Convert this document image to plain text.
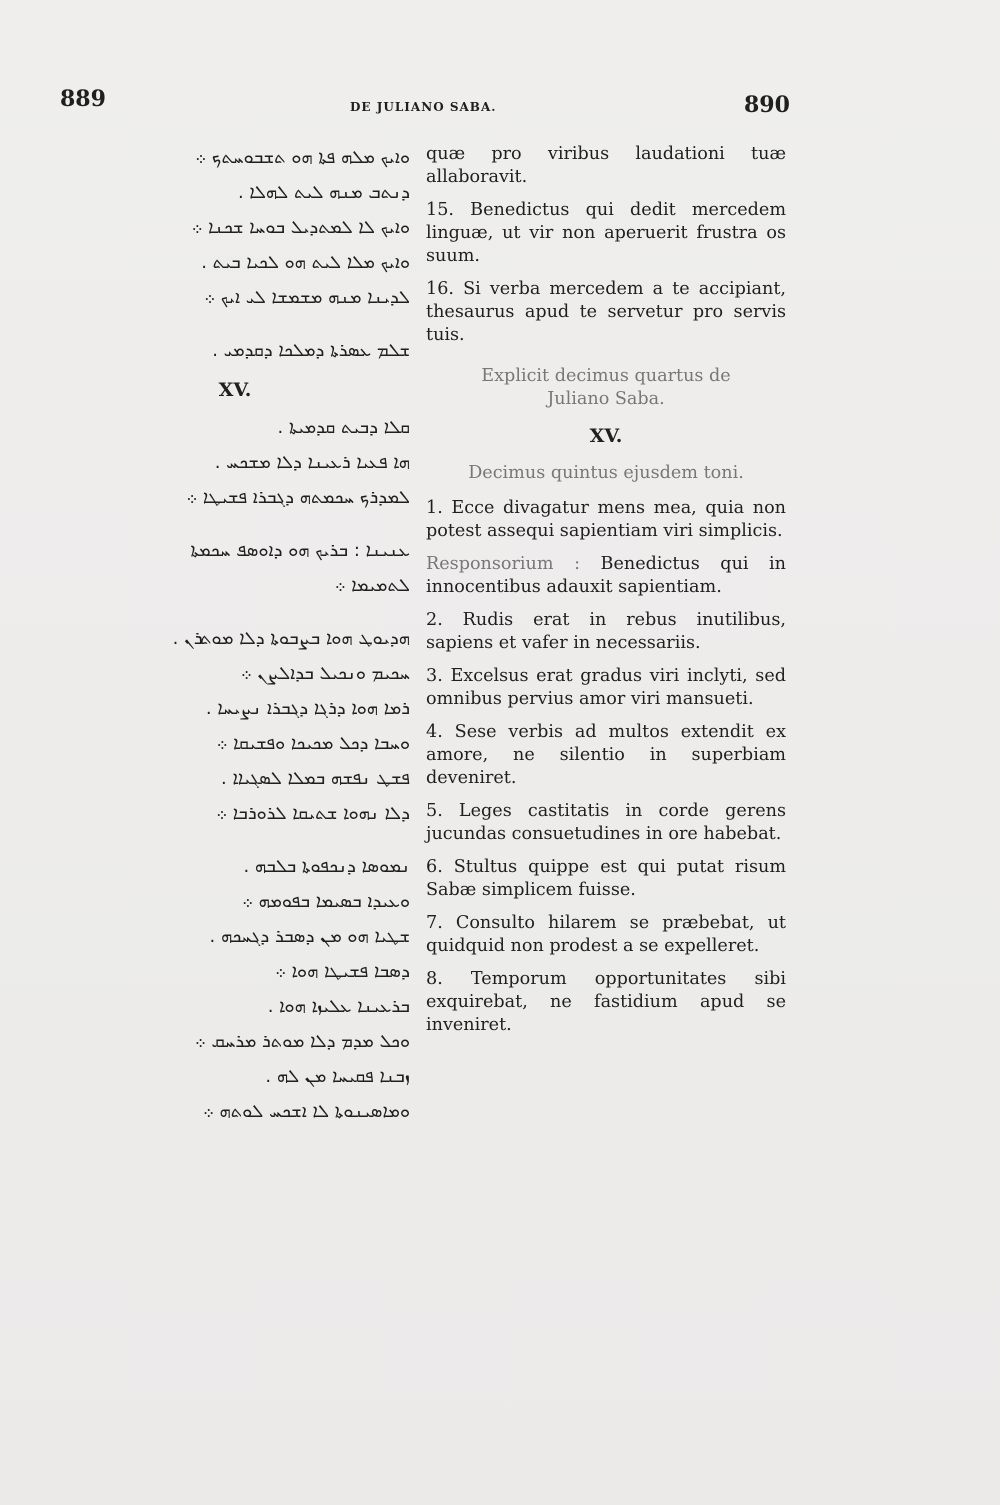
889	DE JULIANO SABA.	890
ܘܐܝܟ ܡܠܗ ܦܬܐ ܗܘ ܬܫܒܘܚܬܟ ܀
ܕܢܬܒ ܡܢܗ ܠܝܬ ܠܗܠܐ .
ܘܐܝܟ ܠܐ ܠܡܬܕܝܠ ܒܘܚܐ ܫܟܢܐ ܀
ܘܐܝܟ ܡܠܐ ܠܝܬ ܗܘ ܠܟܝܐ ܒܝܬ .
ܠܕܝܢܐ ܡܢܗ ܡܫܡܫܐ ܠܝ ܐܝܟ ܀
ܫܠܡ ܥܣܪܬܐ ܕܡܠܟܐ ܕܩܕܡܝ .
XV.
ܩܠܐ ܕܒܝܬ ܩܕܡܝܬܐ .
ܗܐ ܦܥܝܐ ܪܥܝܢܐ ܕܠܐ ܡܫܟܚ .
ܠܡܕܪܟ ܚܟܡܬܗ ܕܓܒܪܐ ܦܫܝܛܐ ܀
ܥܢܝܢܐ : ܒܪܝܟ ܗܘ ܕܐܘܤܦ ܚܟܡܬܐ
ܠܬܡܝܡܐ ܀
ܗܕܝܘܛ ܗܘܐ ܒܨܒܘܬܐ ܕܠܐ ܡܘܬܪܢ .
ܚܟܝܡ ܘܢܟܝܠ ܒܕܐܠܨܢ ܀
ܪܡܐ ܗܘܐ ܕܪܓܐ ܕܓܒܪܐ ܢܨܝܚܐ .
ܘܚܒܐ ܕܟܠ ܡܟܝܟܐ ܘܦܫܝܩܐ ܀
ܦܫܛ ܢܦܫܗ ܒܡܠܐ ܠܣܓܝܐܐ .
ܕܠܐ ܢܗܘܐ ܫܬܝܩܐ ܠܪܘܪܒܐ ܀
ܢܡܘܤܐ ܕܢܟܦܘܬܐ ܒܠܒܗ .
ܘܥܝܕܐ ܒܤܝܡܐ ܒܦܘܡܗ ܀
ܫܛܝܐ ܗܘ ܡܢ ܕܤܒܪ ܕܓܚܟܗ .
ܕܤܒܐ ܦܫܝܛܐ ܗܘܐ ܀
ܒܪܥܝܢܐ ܥܠܝܙܐ ܗܘܐ .
ܘܟܠ ܡܕܡ ܕܠܐ ܡܘܬܪ ܡܪܚܩ ܀
ܙܒܢܐ ܦܩܝܚܐ ܡܢ ܠܗ .
ܘܡܐܤܝܢܘܬܐ ܠܐ ܐܫܟܚ ܠܘܬܗ ܀

quæ pro viribus laudationi tuæ allaboravit.

15. Benedictus qui dedit mercedem linguæ, ut vir non aperuerit frustra os suum.

16. Si verba mercedem a te accipiant, thesaurus apud te servetur pro servis tuis.

Explicit decimus quartus de
Juliano Saba.
XV.
Decimus quintus ejusdem toni.

1. Ecce divagatur mens mea, quia non potest assequi sapientiam viri simplicis.

Responsorium : Benedictus qui in innocentibus adauxit sapientiam.

2. Rudis erat in rebus inutilibus, sapiens et vafer in necessariis.

3. Excelsus erat gradus viri inclyti, sed omnibus pervius amor viri mansueti.

4. Sese verbis ad multos extendit ex amore, ne silentio in superbiam deveniret.

5. Leges castitatis in corde gerens jucundas consuetudines in ore habebat.

6. Stultus quippe est qui putat risum Sabæ simplicem fuisse.

7. Consulto hilarem se præbebat, ut quidquid non prodest a se expelleret.

8. Temporum opportunitates sibi exquirebat, ne fastidium apud se inveniret.
